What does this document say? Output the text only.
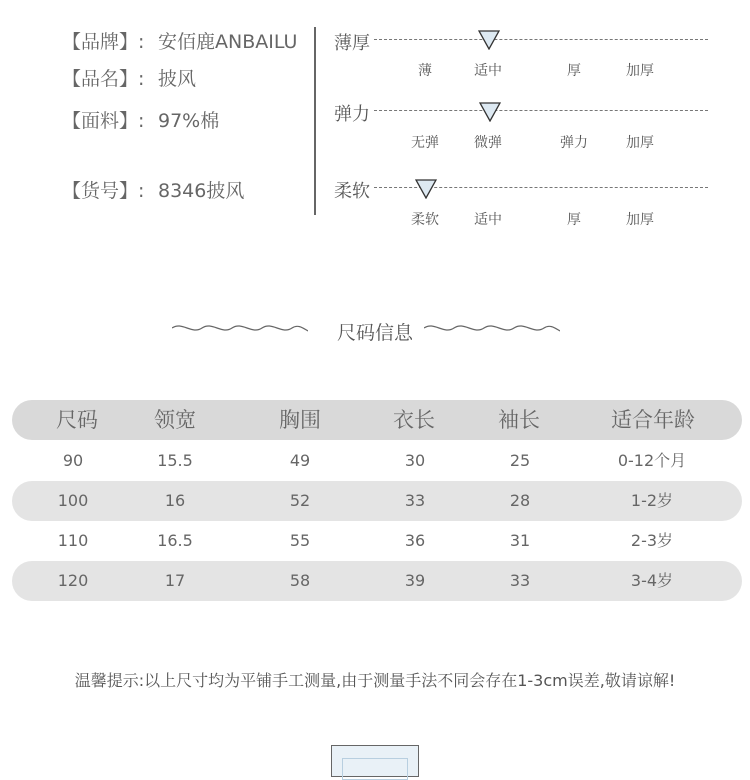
【品牌】: 安佰鹿ANBAILU
【品名】: 披风
【面料】: 97%棉
【货号】: 8346披风
薄厚
薄	适中	厚	加厚
弹力
无弹	微弹	弹力	加厚
柔软
柔软	适中	厚	加厚
尺码信息
尺码	领宽	胸围	衣长	袖长	适合年龄
90	15.5	49	30	25	0-12个月
100	16	52	33	28	1-2岁
110	16.5	55	36	31	2-3岁
120	17	58	39	33	3-4岁
温馨提示:以上尺寸均为平铺手工测量,由于测量手法不同会存在1-3cm误差,敬请谅解!
